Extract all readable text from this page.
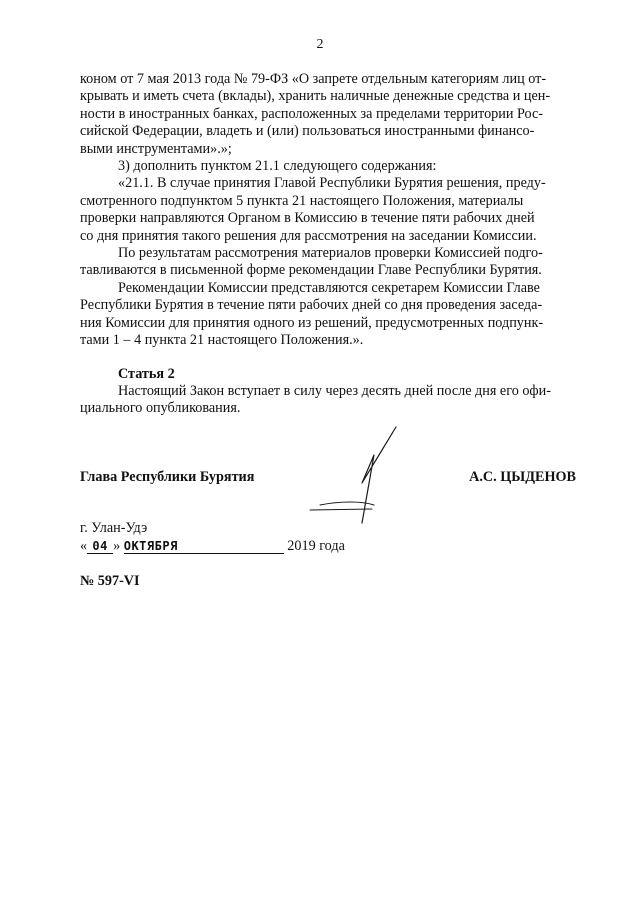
2

коном от 7 мая 2013 года № 79-ФЗ «О запрете отдельным категориям лиц от-
крывать и иметь счета (вклады), хранить наличные денежные средства и цен-
ности в иностранных банках, расположенных за пределами территории Рос-
сийской Федерации, владеть и (или) пользоваться иностранными финансо-
выми инструментами».»;

3) дополнить пунктом 21.1 следующего содержания:

«21.1. В случае принятия Главой Республики Бурятия решения, преду-
смотренного подпунктом 5 пункта 21 настоящего Положения, материалы
проверки направляются Органом в Комиссию в течение пяти рабочих дней
со дня принятия такого решения для рассмотрения на заседании Комиссии.

По результатам рассмотрения материалов проверки Комиссией подго-
тавливаются в письменной форме рекомендации Главе Республики Бурятия.

Рекомендации Комиссии представляются секретарем Комиссии Главе
Республики Бурятия в течение пяти рабочих дней со дня проведения заседа-
ния Комиссии для принятия одного из решений, предусмотренных подпунк-
тами 1 – 4 пункта 21 настоящего Положения.».

Статья 2

Настоящий Закон вступает в силу через десять дней после дня его офи-
циального опубликования.

Глава Республики Бурятия	А.С. ЦЫДЕНОВ
г. Улан-Удэ
« 04 » ОКТЯБРЯ	2019 года
№ 597-VI
